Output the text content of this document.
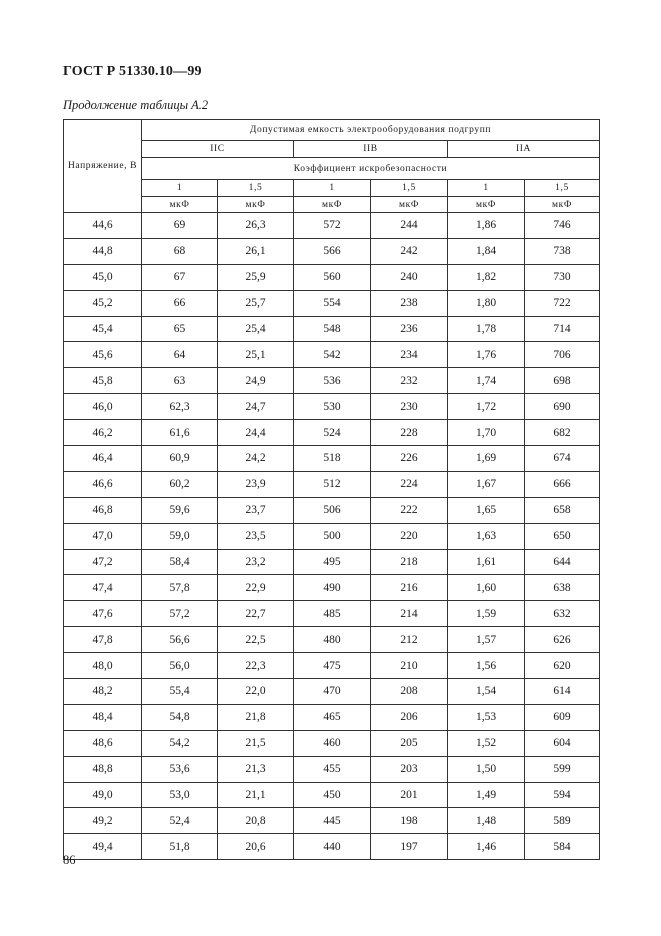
ГОСТ Р 51330.10—99
Продолжение таблицы А.2
Напряжение, В	Допустимая емкость электрооборудования подгрупп					
	IIC		IIB		IIA	
	Коэффициент искробезопасности					
	1	1,5	1	1,5	1	1,5
	мкФ	мкФ	мкФ	мкФ	мкФ	мкФ
44,6	69	26,3	572	244	1,86	746
44,8	68	26,1	566	242	1,84	738
45,0	67	25,9	560	240	1,82	730
45,2	66	25,7	554	238	1,80	722
45,4	65	25,4	548	236	1,78	714
45,6	64	25,1	542	234	1,76	706
45,8	63	24,9	536	232	1,74	698
46,0	62,3	24,7	530	230	1,72	690
46,2	61,6	24,4	524	228	1,70	682
46,4	60,9	24,2	518	226	1,69	674
46,6	60,2	23,9	512	224	1,67	666
46,8	59,6	23,7	506	222	1,65	658
47,0	59,0	23,5	500	220	1,63	650
47,2	58,4	23,2	495	218	1,61	644
47,4	57,8	22,9	490	216	1,60	638
47,6	57,2	22,7	485	214	1,59	632
47,8	56,6	22,5	480	212	1,57	626
48,0	56,0	22,3	475	210	1,56	620
48,2	55,4	22,0	470	208	1,54	614
48,4	54,8	21,8	465	206	1,53	609
48,6	54,2	21,5	460	205	1,52	604
48,8	53,6	21,3	455	203	1,50	599
49,0	53,0	21,1	450	201	1,49	594
49,2	52,4	20,8	445	198	1,48	589
49,4	51,8	20,6	440	197	1,46	584
86
